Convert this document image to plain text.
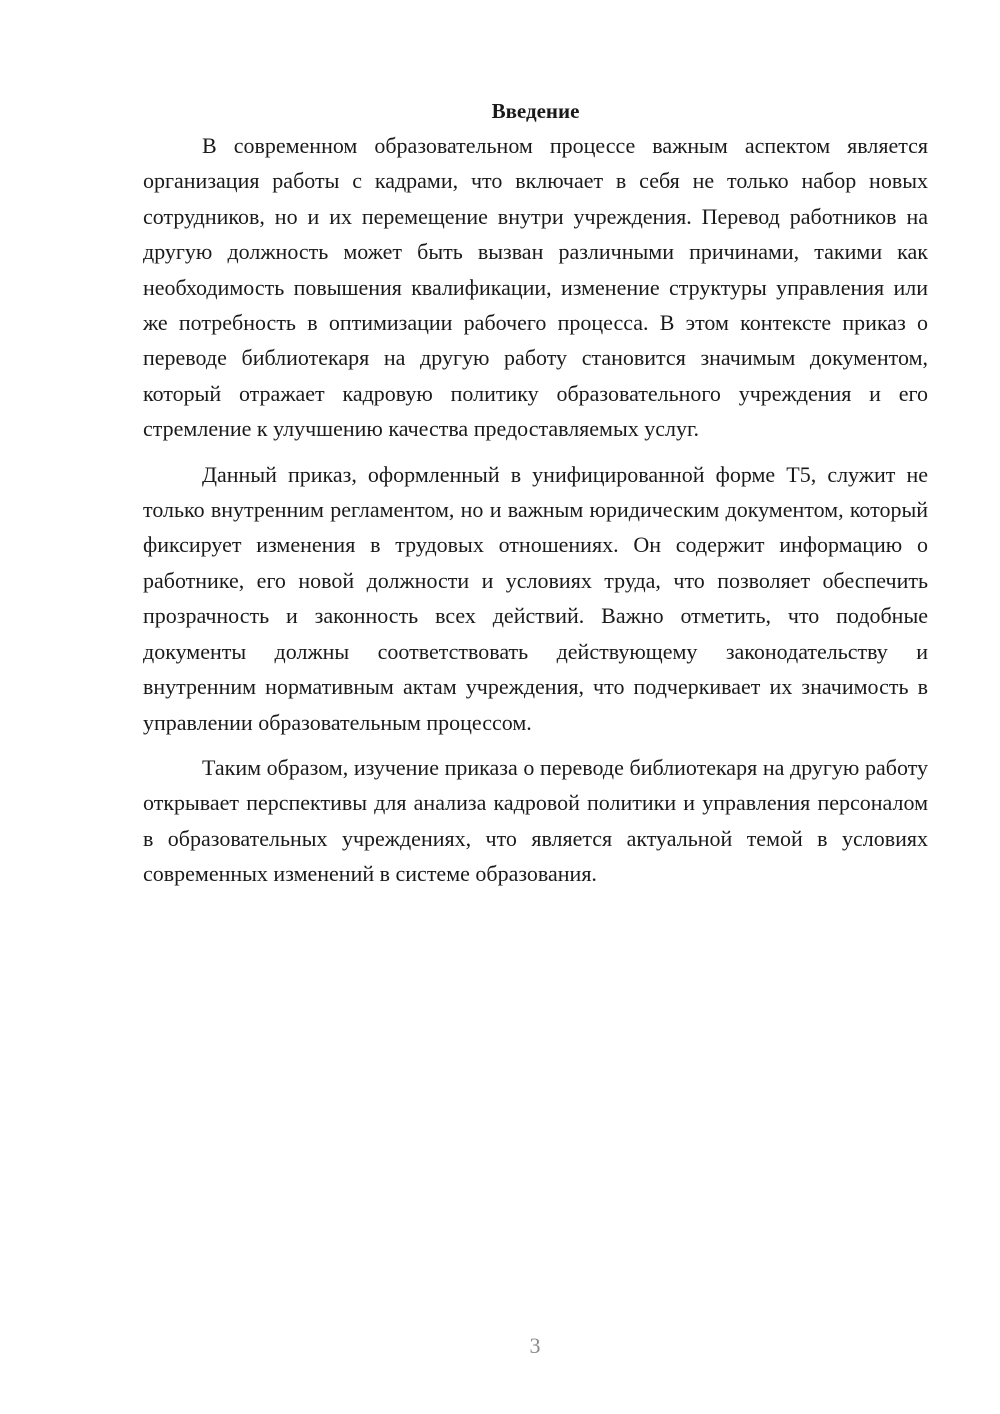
Введение

В современном образовательном процессе важным аспектом является организация работы с кадрами, что включает в себя не только набор новых сотрудников, но и их перемещение внутри учреждения. Перевод работников на другую должность может быть вызван различными причинами, такими как необходимость повышения квалификации, изменение структуры управления или же потребность в оптимизации рабочего процесса. В этом контексте приказ о переводе библиотекаря на другую работу становится значимым документом, который отражает кадровую политику образовательного учреждения и его стремление к улучшению качества предоставляемых услуг.

Данный приказ, оформленный в унифицированной форме Т5, служит не только внутренним регламентом, но и важным юридическим документом, который фиксирует изменения в трудовых отношениях. Он содержит информацию о работнике, его новой должности и условиях труда, что позволяет обеспечить прозрачность и законность всех действий. Важно отметить, что подобные документы должны соответствовать действующему законодательству и внутренним нормативным актам учреждения, что подчеркивает их значимость в управлении образовательным процессом.

Таким образом, изучение приказа о переводе библиотекаря на другую работу открывает перспективы для анализа кадровой политики и управления персоналом в образовательных учреждениях, что является актуальной темой в условиях современных изменений в системе образования.

3
